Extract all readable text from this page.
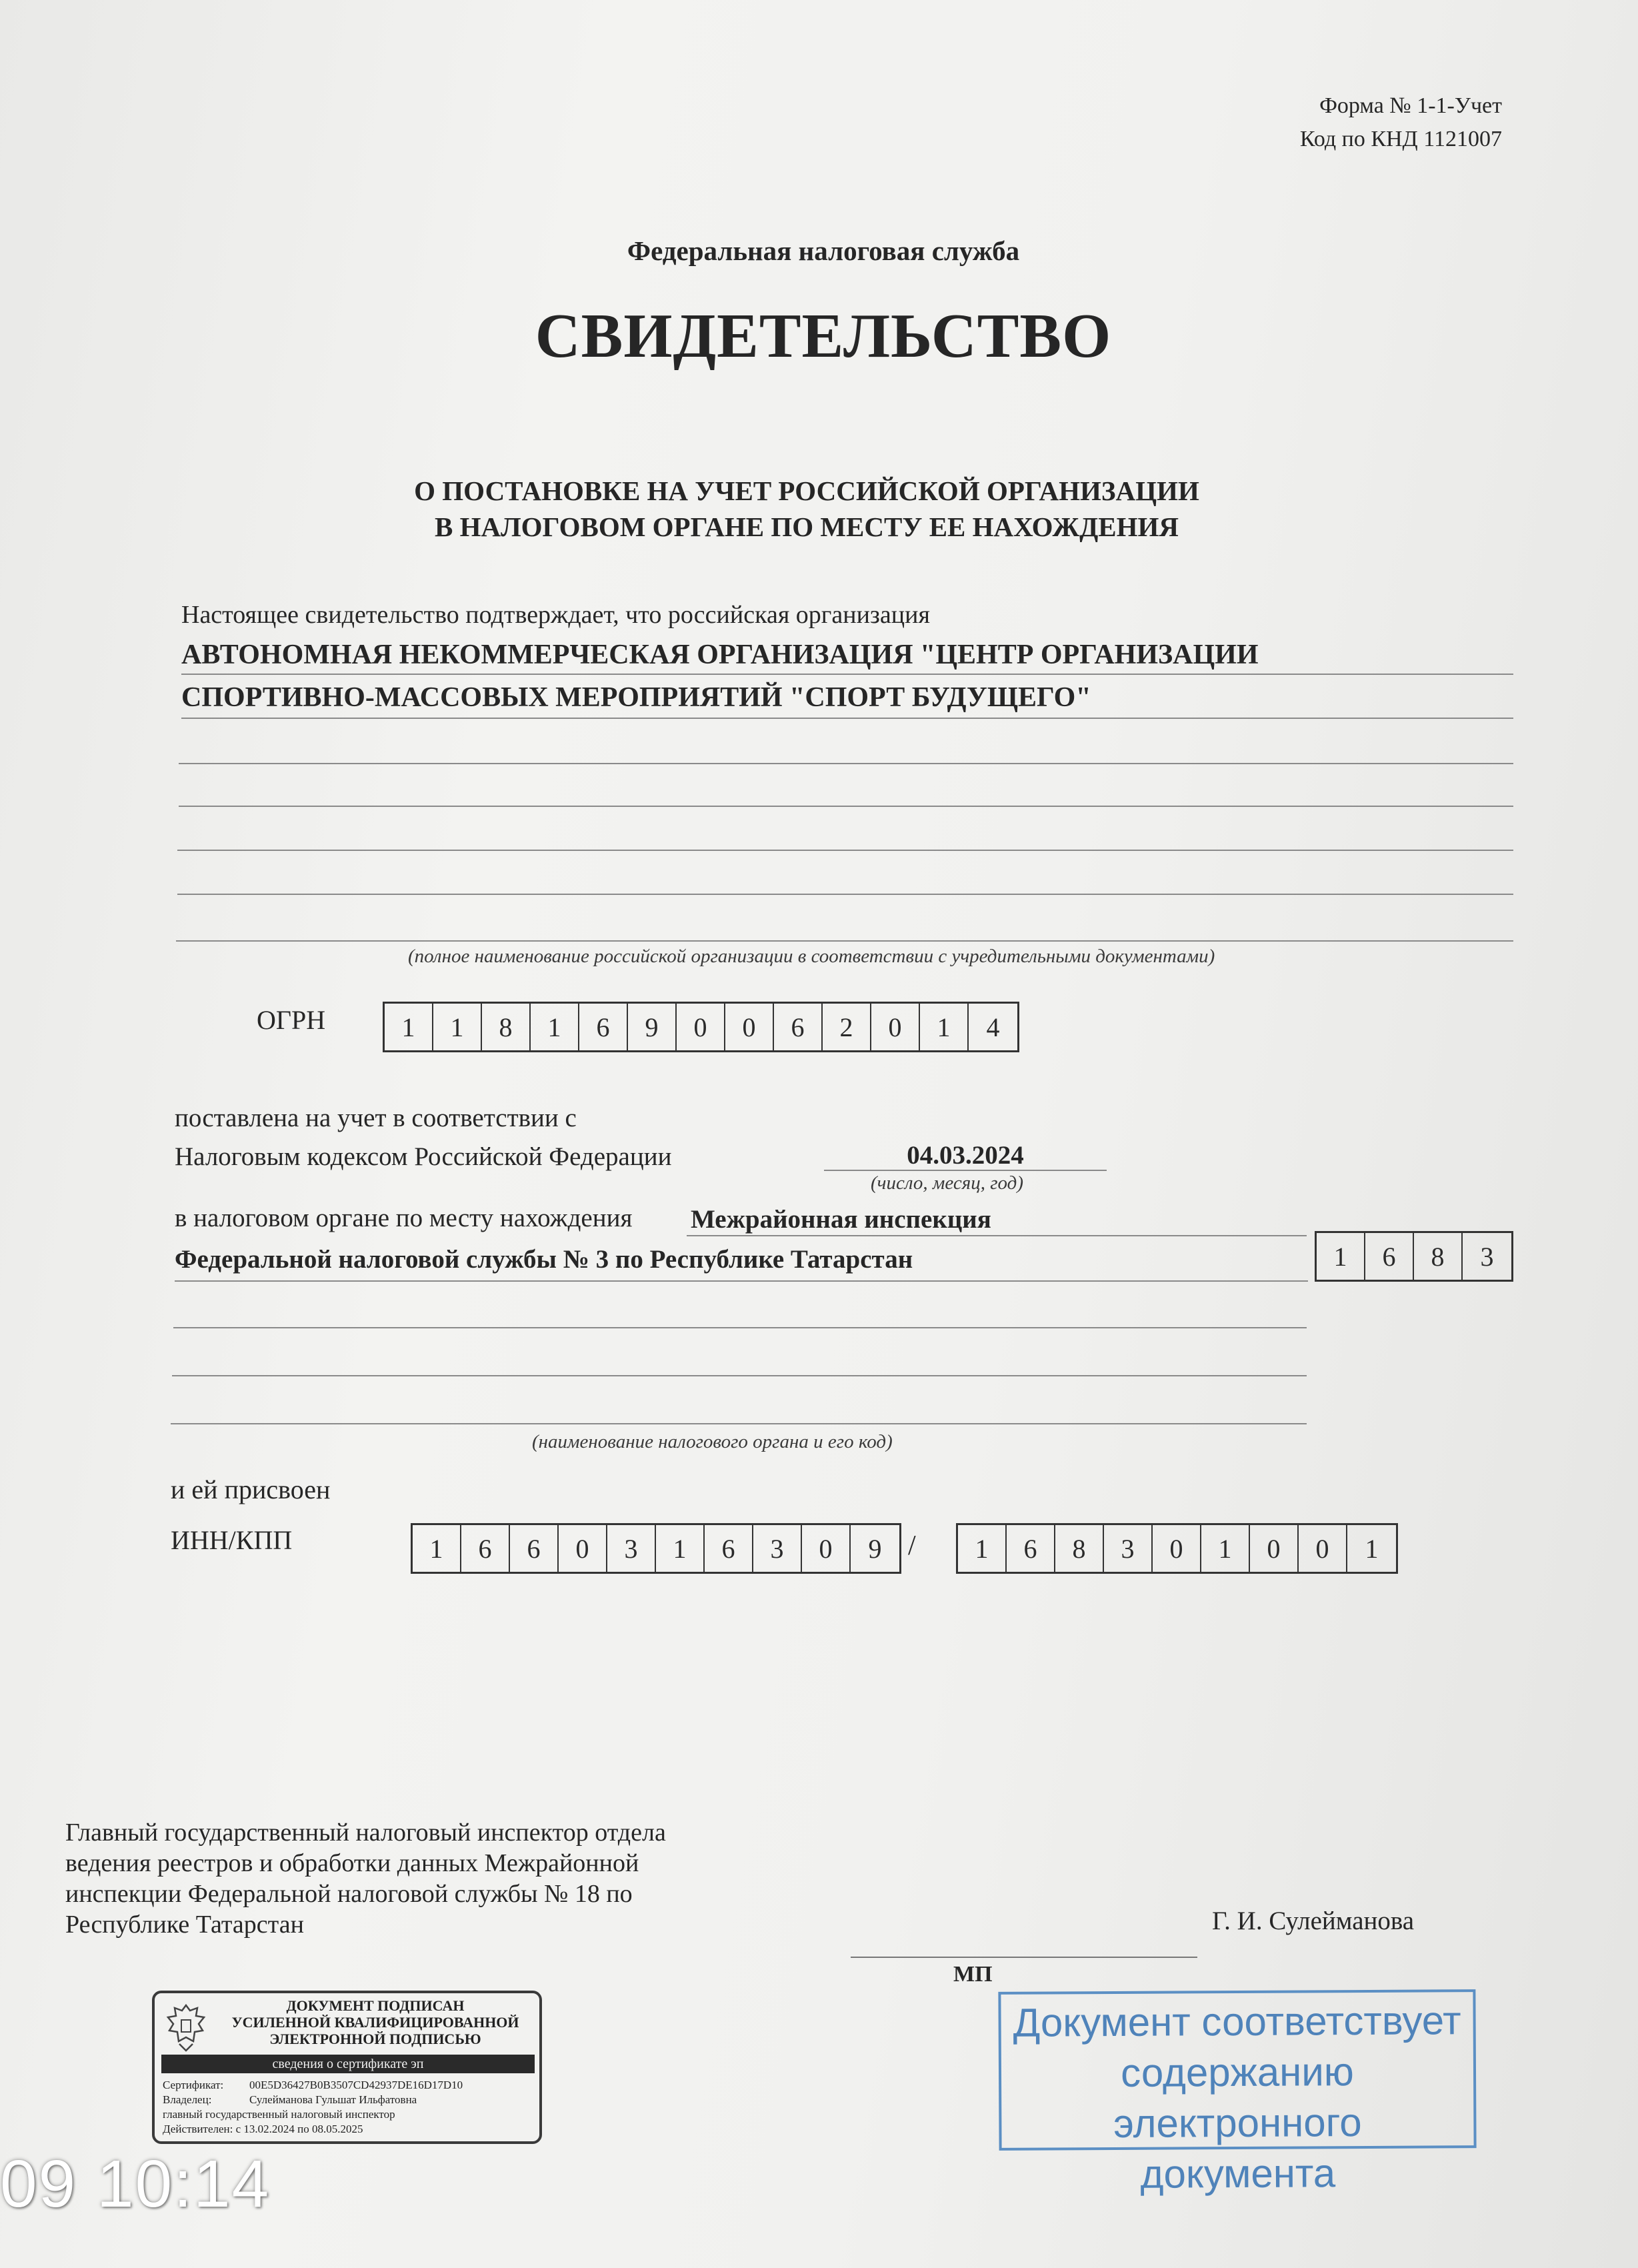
Форма № 1-1-Учет
Код по КНД 1121007
Федеральная налоговая служба
СВИДЕТЕЛЬСТВО
О ПОСТАНОВКЕ НА УЧЕТ РОССИЙСКОЙ ОРГАНИЗАЦИИ
В НАЛОГОВОМ ОРГАНЕ ПО МЕСТУ ЕЕ НАХОЖДЕНИЯ
Настоящее свидетельство подтверждает, что российская организация
АВТОНОМНАЯ НЕКОММЕРЧЕСКАЯ ОРГАНИЗАЦИЯ "ЦЕНТР ОРГАНИЗАЦИИ
СПОРТИВНО-МАССОВЫХ МЕРОПРИЯТИЙ "СПОРТ БУДУЩЕГО"
(полное наименование российской организации в соответствии с учредительными документами)
ОГРН	1	1	8	1	6	9	0	0	6	2	0	1	4
поставлена на учет в соответствии с
Налоговым кодексом Российской Федерации	04.03.2024
(число, месяц, год)
в налоговом органе по месту нахождения Межрайонная инспекция
Федеральной налоговой службы № 3 по Республике Татарстан	1	6	8	3
(наименование налогового органа и его код)
и ей присвоен
ИНН/КПП	1	6	6	0	3	1	6	3	0	9 /	1	6	8	3	0	1	0	0	1
Главный государственный налоговый инспектор отдела
ведения реестров и обработки данных Межрайонной
инспекции Федеральной налоговой службы № 18 по
Республике Татарстан	Г. И. Сулейманова
МП
ДОКУМЕНТ ПОДПИСАН
УСИЛЕННОЙ КВАЛИФИЦИРОВАННОЙ
ЭЛЕКТРОННОЙ ПОДПИСЬЮ
сведения о сертификате эп
Сертификат: 00E5D36427B0B3507CD42937DE16D17D10
Владелец:	Сулейманова Гульшат Ильфатовна
главный государственный налоговый инспектор
Действителен: с 13.02.2024 по 08.05.2025
Документ соответствует
содержанию электронного
документа
09 10:14
